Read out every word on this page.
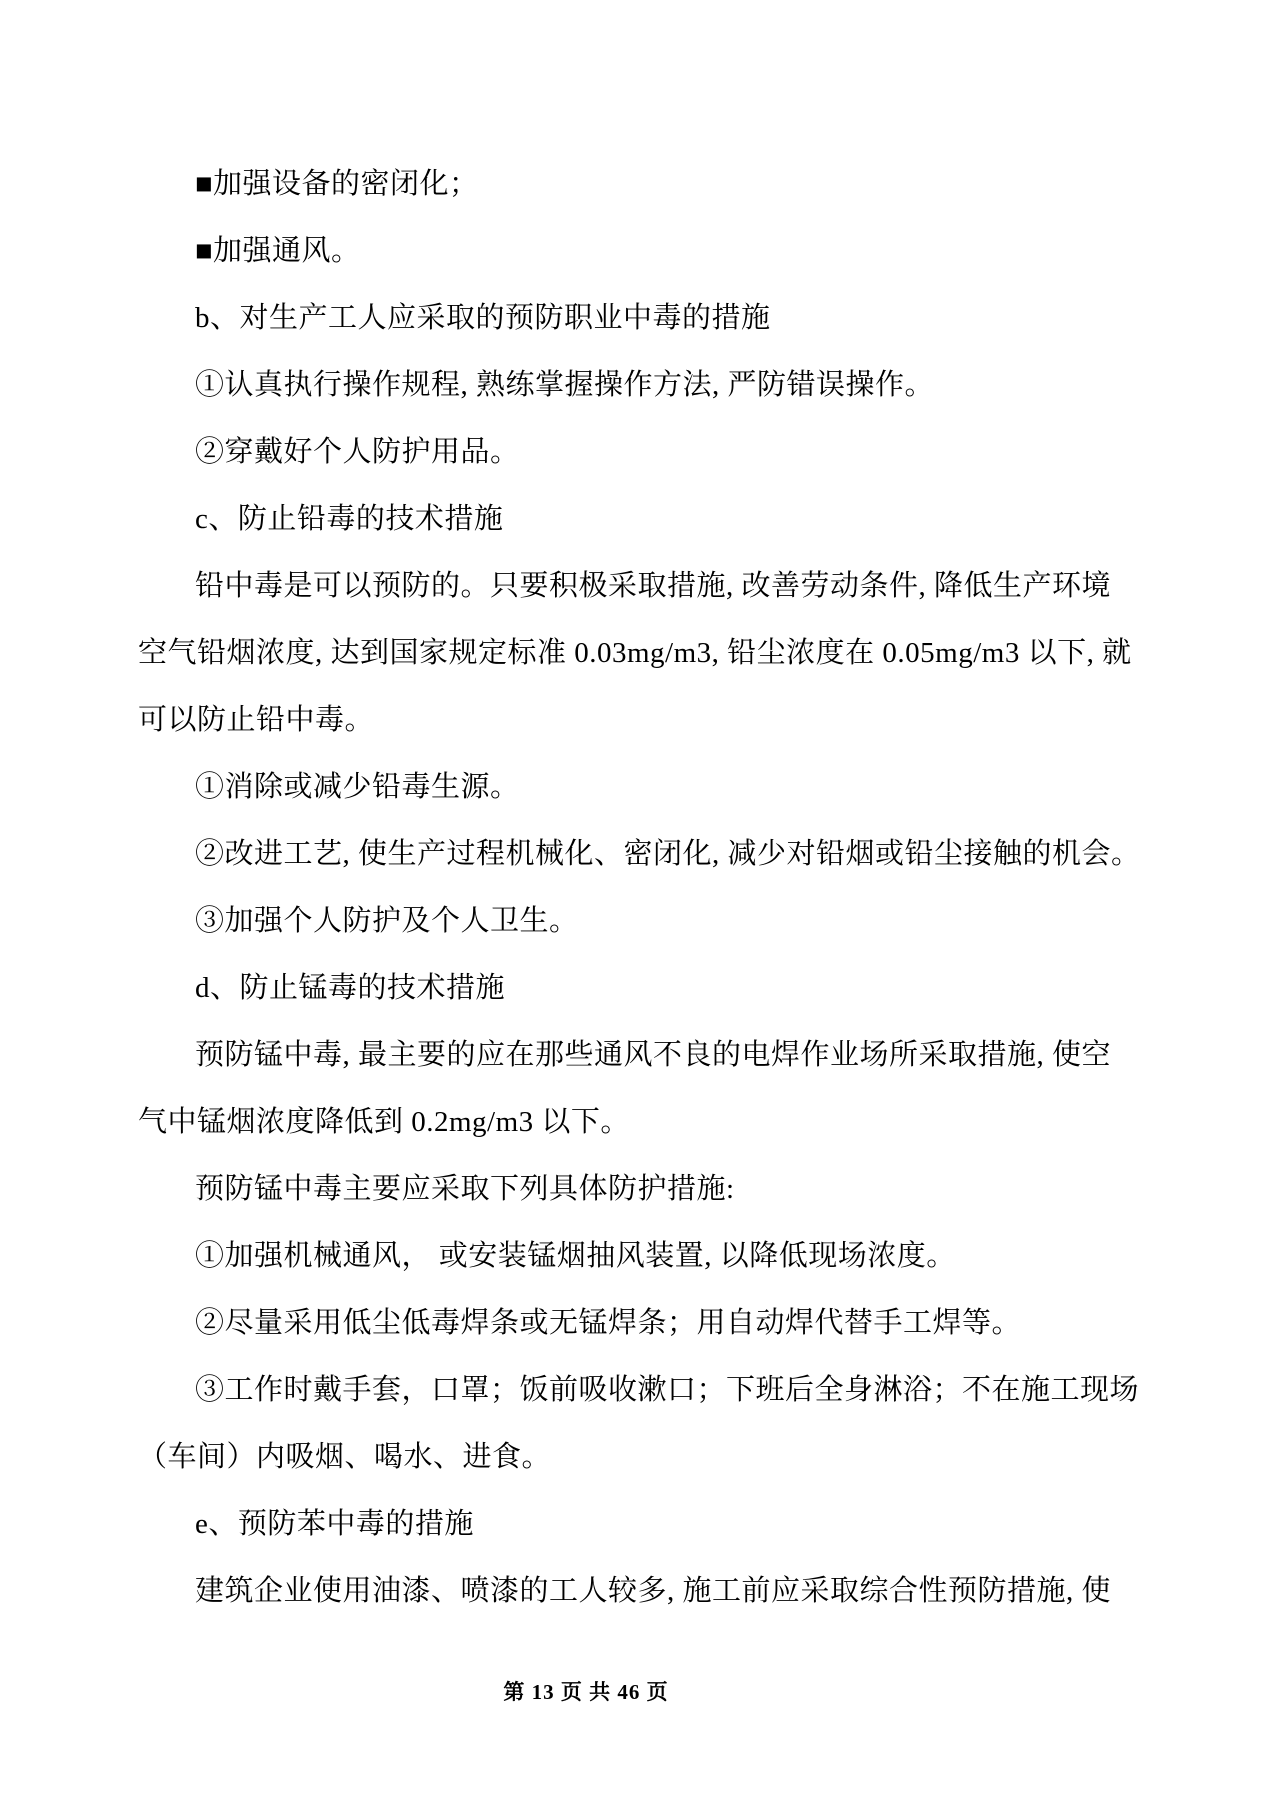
■加强设备的密闭化；
■加强通风。
b、对生产工人应采取的预防职业中毒的措施
①认真执行操作规程, 熟练掌握操作方法, 严防错误操作。
②穿戴好个人防护用品。
c、防止铅毒的技术措施
铅中毒是可以预防的。只要积极采取措施, 改善劳动条件, 降低生产环境
空气铅烟浓度, 达到国家规定标准 0.03mg/m3, 铅尘浓度在 0.05mg/m3 以下, 就
可以防止铅中毒。
①消除或减少铅毒生源。
②改进工艺, 使生产过程机械化、密闭化, 减少对铅烟或铅尘接触的机会。
③加强个人防护及个人卫生。
d、防止锰毒的技术措施
预防锰中毒, 最主要的应在那些通风不良的电焊作业场所采取措施, 使空
气中锰烟浓度降低到 0.2mg/m3 以下。
预防锰中毒主要应采取下列具体防护措施:
①加强机械通风， 或安装锰烟抽风装置, 以降低现场浓度。
②尽量采用低尘低毒焊条或无锰焊条；用自动焊代替手工焊等。
③工作时戴手套，口罩；饭前吸收漱口；下班后全身淋浴；不在施工现场
（车间）内吸烟、喝水、进食。
e、预防苯中毒的措施
建筑企业使用油漆、喷漆的工人较多, 施工前应采取综合性预防措施, 使
第 13 页 共 46 页
